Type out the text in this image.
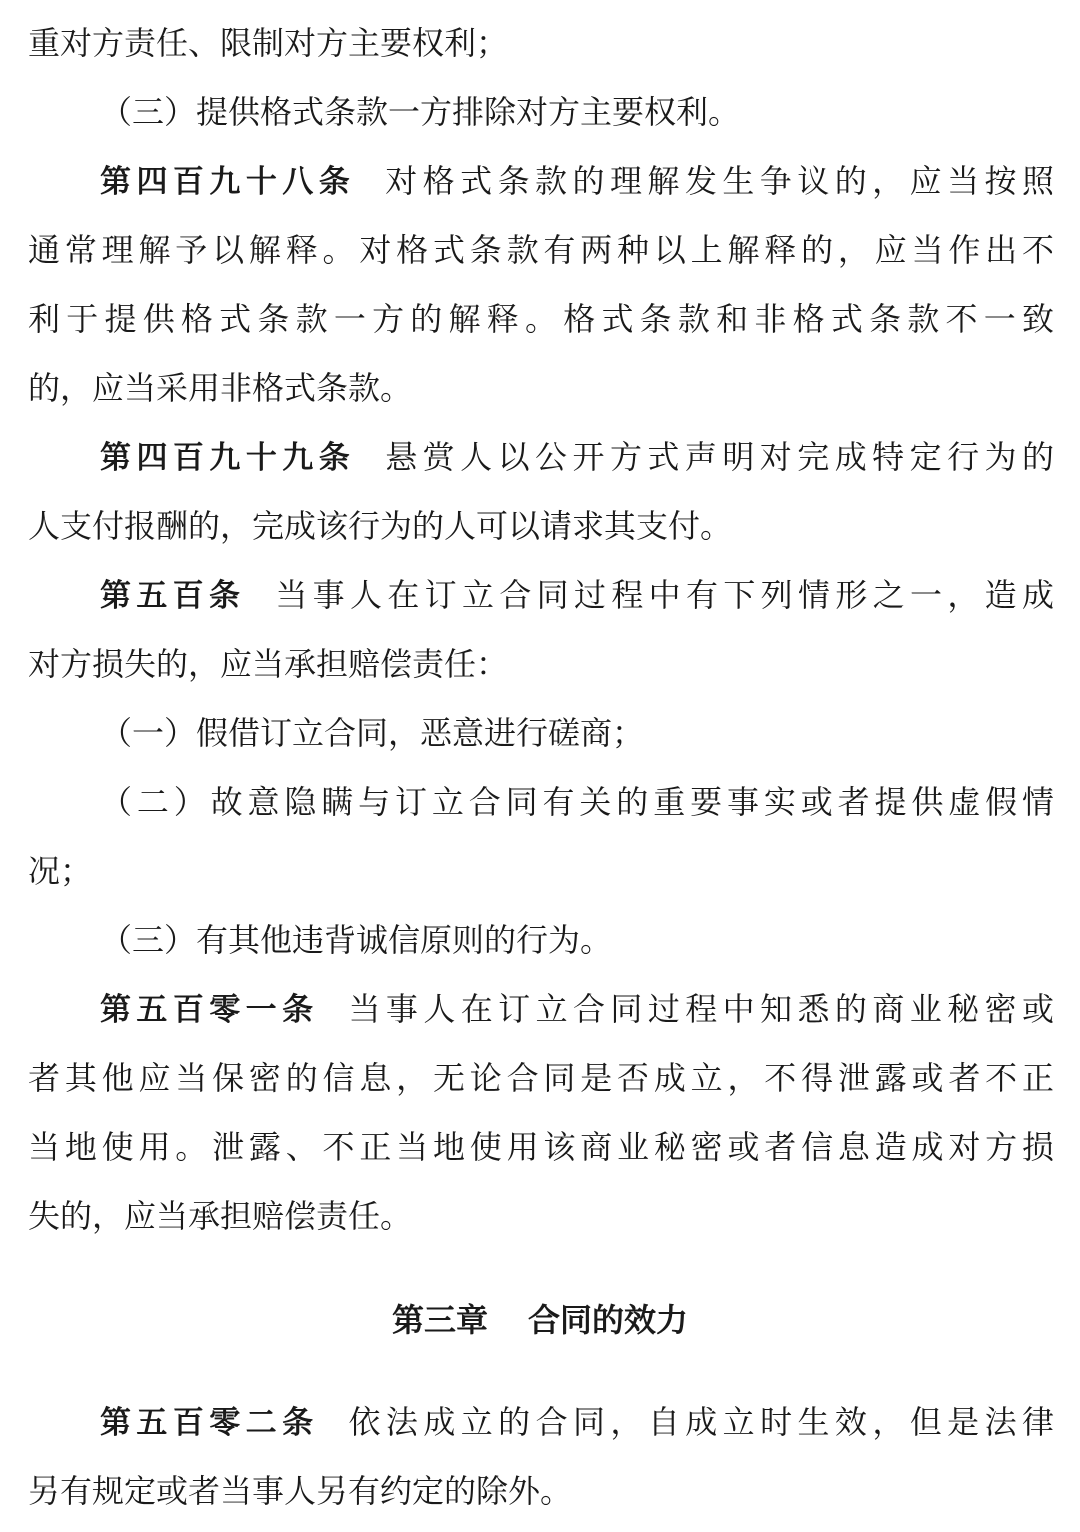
重对方责任、限制对方主要权利；
（三）提供格式条款一方排除对方主要权利。
第四百九十八条 对格式条款的理解发生争议的，应当按照
通常理解予以解释。对格式条款有两种以上解释的，应当作出不
利于提供格式条款一方的解释。格式条款和非格式条款不一致
的，应当采用非格式条款。
第四百九十九条 悬赏人以公开方式声明对完成特定行为的
人支付报酬的，完成该行为的人可以请求其支付。
第五百条 当事人在订立合同过程中有下列情形之一，造成
对方损失的，应当承担赔偿责任：
（一）假借订立合同，恶意进行磋商；
（二）故意隐瞒与订立合同有关的重要事实或者提供虚假情
况；
（三）有其他违背诚信原则的行为。
第五百零一条 当事人在订立合同过程中知悉的商业秘密或
者其他应当保密的信息，无论合同是否成立，不得泄露或者不正
当地使用。泄露、不正当地使用该商业秘密或者信息造成对方损
失的，应当承担赔偿责任。
第三章 合同的效力
第五百零二条 依法成立的合同，自成立时生效，但是法律
另有规定或者当事人另有约定的除外。
